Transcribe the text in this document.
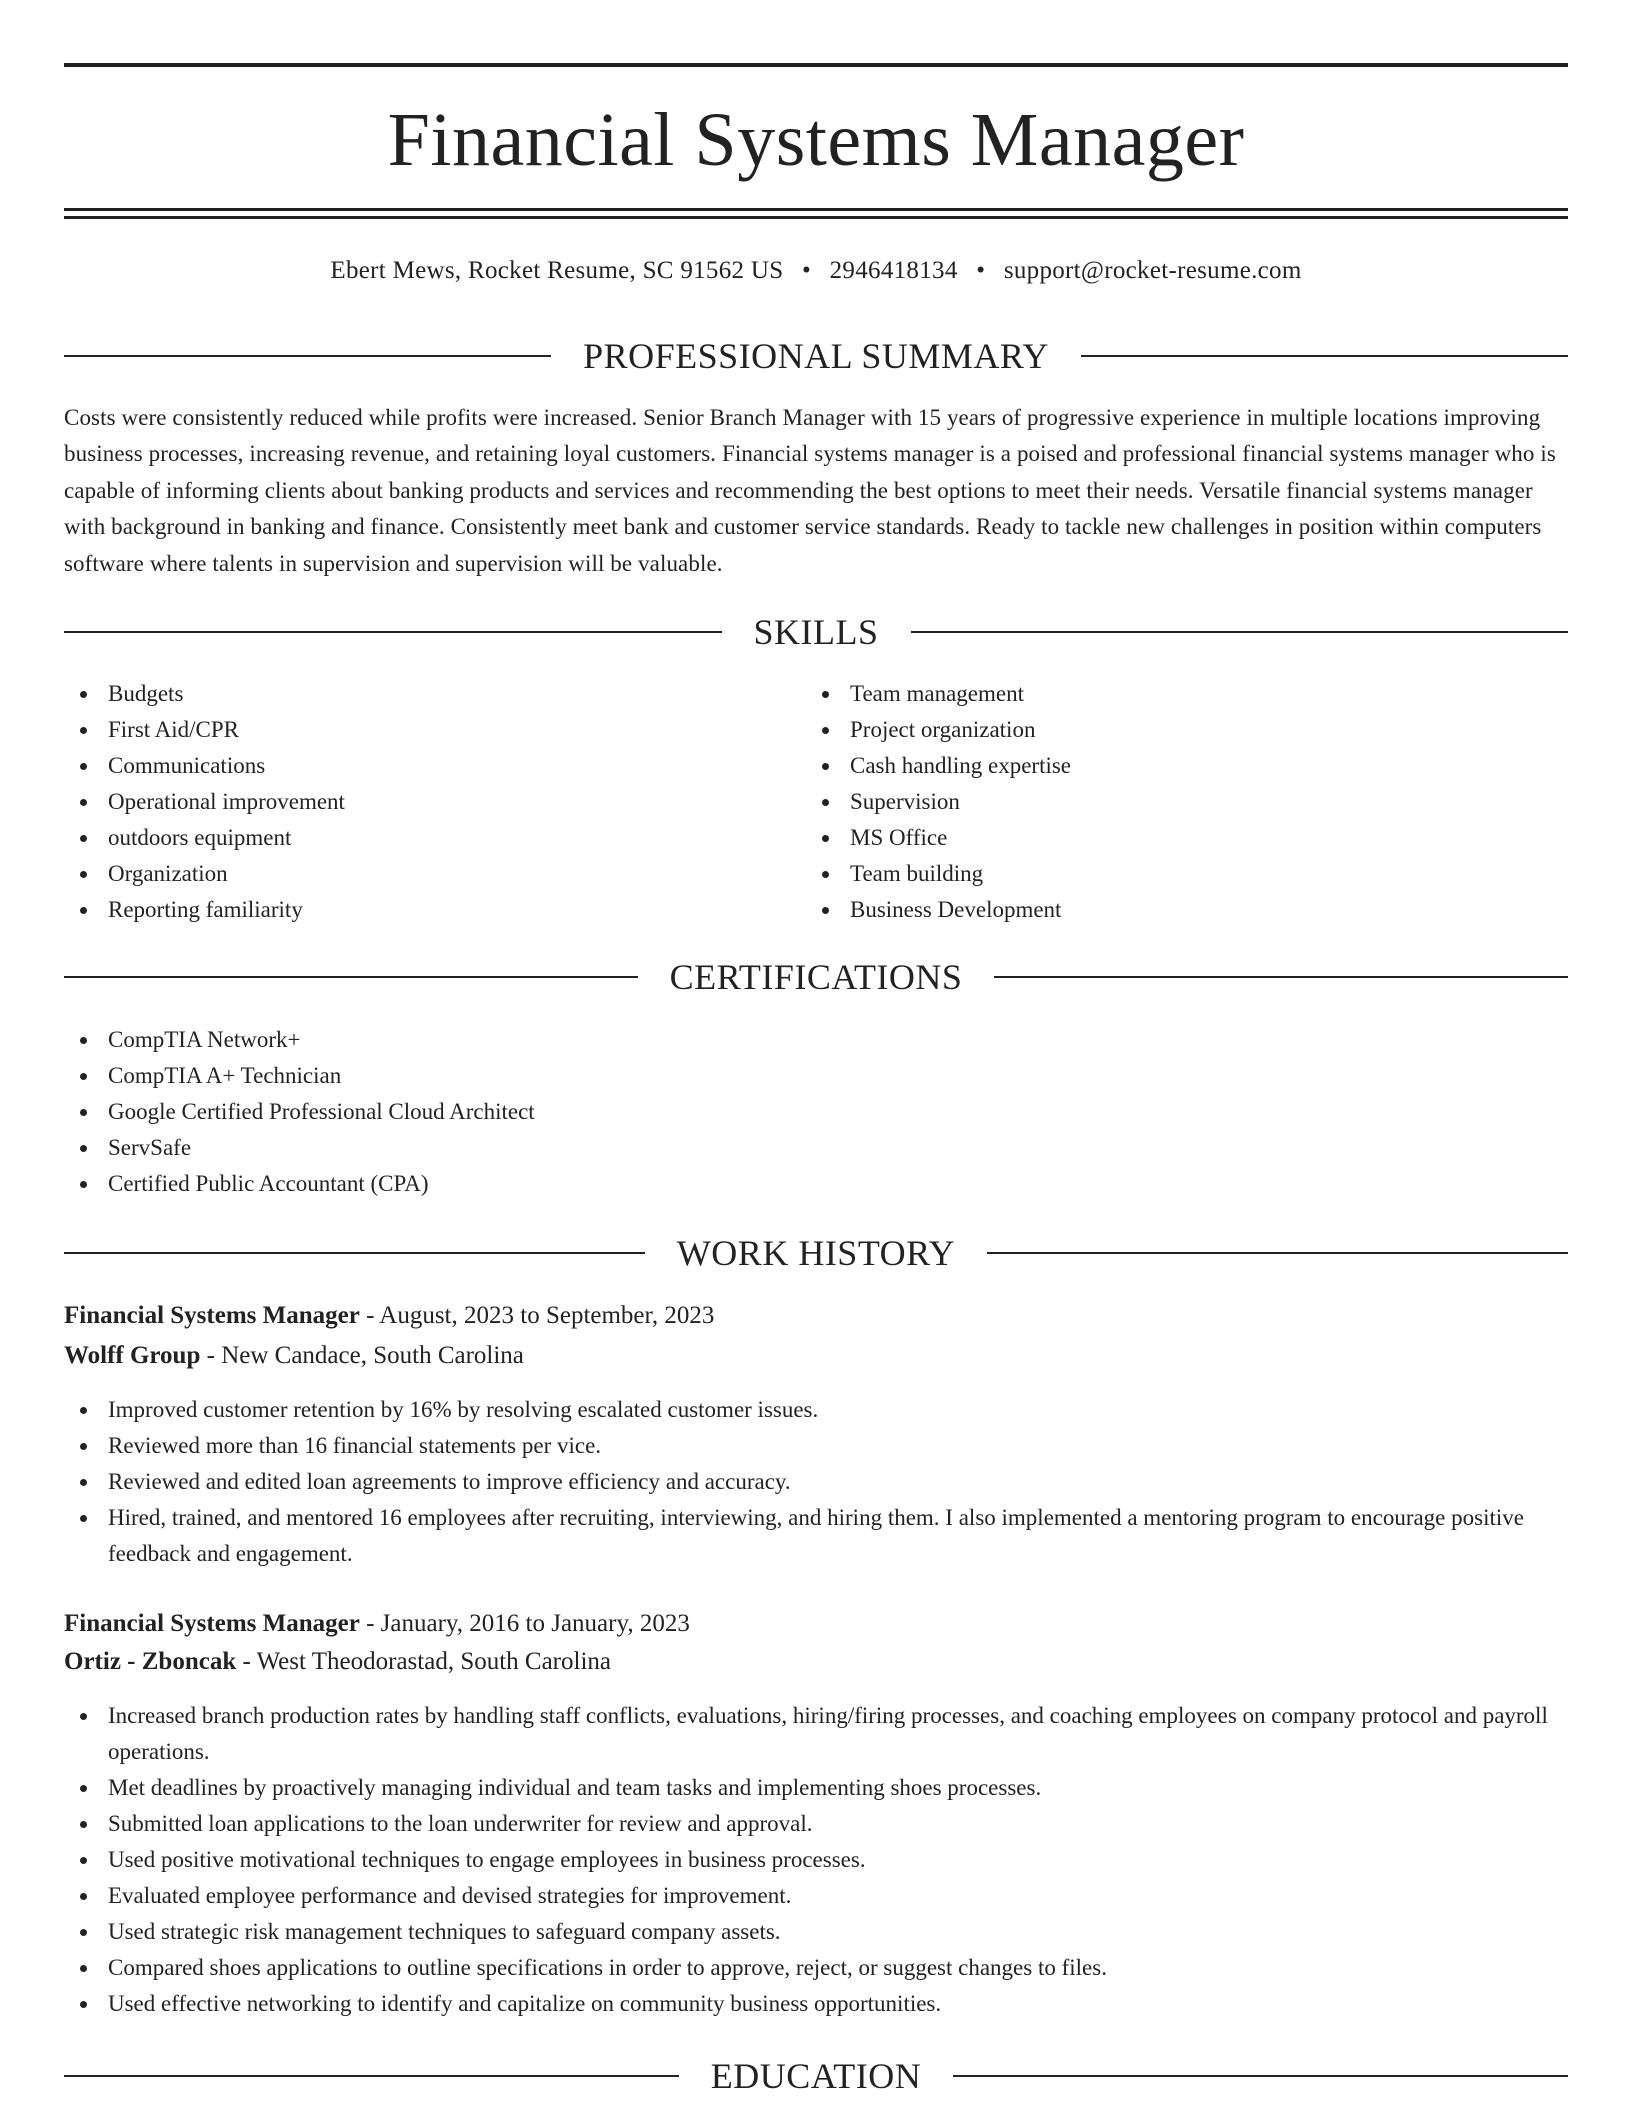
Financial Systems Manager
Ebert Mews, Rocket Resume, SC 91562 US • 2946418134 • support@rocket-resume.com
PROFESSIONAL SUMMARY

Costs were consistently reduced while profits were increased. Senior Branch Manager with 15 years of progressive experience in multiple locations improving business processes, increasing revenue, and retaining loyal customers. Financial systems manager is a poised and professional financial systems manager who is capable of informing clients about banking products and services and recommending the best options to meet their needs. Versatile financial systems manager with background in banking and finance. Consistently meet bank and customer service standards. Ready to tackle new challenges in position within computers software where talents in supervision and supervision will be valuable.

SKILLS
Budgets
First Aid/CPR
Communications
Operational improvement
outdoors equipment
Organization
Reporting familiarity
Team management
Project organization
Cash handling expertise
Supervision
MS Office
Team building
Business Development
CERTIFICATIONS
CompTIA Network+
CompTIA A+ Technician
Google Certified Professional Cloud Architect
ServSafe
Certified Public Accountant (CPA)
WORK HISTORY
Financial Systems Manager - August, 2023 to September, 2023
Wolff Group - New Candace, South Carolina
Improved customer retention by 16% by resolving escalated customer issues.
Reviewed more than 16 financial statements per vice.
Reviewed and edited loan agreements to improve efficiency and accuracy.
Hired, trained, and mentored 16 employees after recruiting, interviewing, and hiring them. I also implemented a mentoring program to encourage positive feedback and engagement.
Financial Systems Manager - January, 2016 to January, 2023
Ortiz - Zboncak - West Theodorastad, South Carolina
Increased branch production rates by handling staff conflicts, evaluations, hiring/firing processes, and coaching employees on company protocol and payroll operations.
Met deadlines by proactively managing individual and team tasks and implementing shoes processes.
Submitted loan applications to the loan underwriter for review and approval.
Used positive motivational techniques to engage employees in business processes.
Evaluated employee performance and devised strategies for improvement.
Used strategic risk management techniques to safeguard company assets.
Compared shoes applications to outline specifications in order to approve, reject, or suggest changes to files.
Used effective networking to identify and capitalize on community business opportunities.
EDUCATION
